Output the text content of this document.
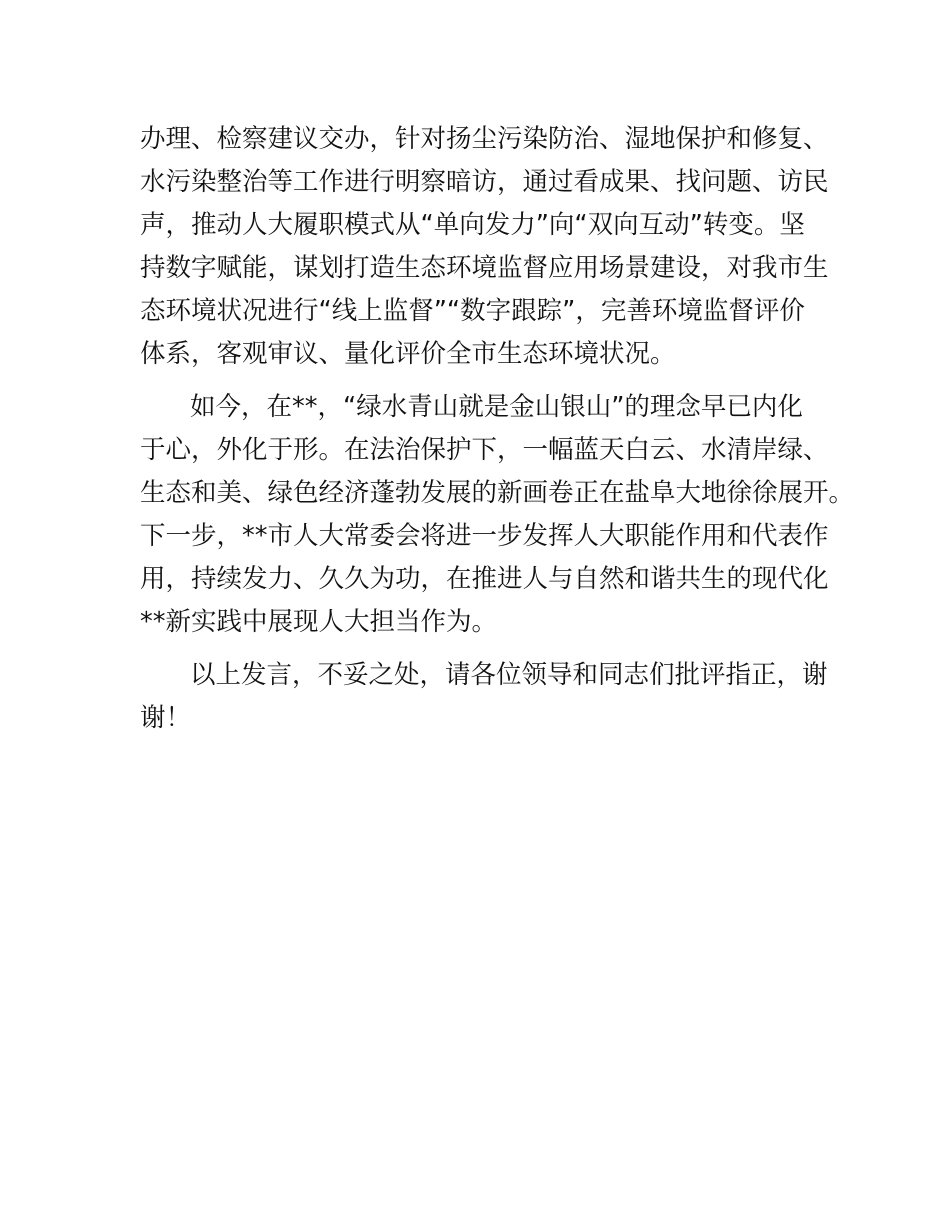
办理、检察建议交办，针对扬尘污染防治、湿地保护和修复、
水污染整治等工作进行明察暗访，通过看成果、找问题、访民
声，推动人大履职模式从“单向发力”向“双向互动”转变。坚
持数字赋能，谋划打造生态环境监督应用场景建设，对我市生
态环境状况进行“线上监督”“数字跟踪”，完善环境监督评价
体系，客观审议、量化评价全市生态环境状况。
如今，在**，“绿水青山就是金山银山”的理念早已内化
于心，外化于形。在法治保护下，一幅蓝天白云、水清岸绿、
生态和美、绿色经济蓬勃发展的新画卷正在盐阜大地徐徐展开。
下一步，**市人大常委会将进一步发挥人大职能作用和代表作
用，持续发力、久久为功，在推进人与自然和谐共生的现代化
**新实践中展现人大担当作为。
以上发言，不妥之处，请各位领导和同志们批评指正，谢
谢！
